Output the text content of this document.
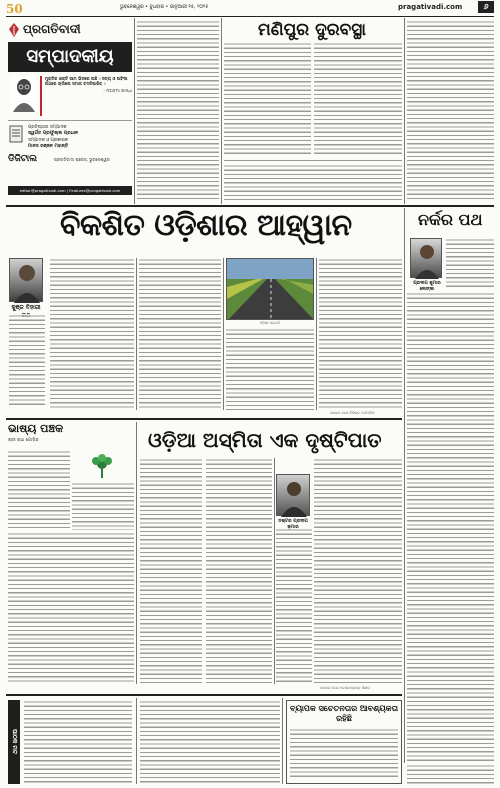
50	ଭୁବନେଶ୍ୱର • ବୁଧବାର • ଜାନୁଆରୀ ୧୫, ୨୦୨୫	pragativadi.com	୬
ପ୍ରଗତିବାଦୀ
ସମ୍ପାଦକୀୟ
ମୁକ୍ତିର ଶକ୍ତି ଆମ ଭିତରେ ଅଛି । ସତ୍ୟ ଓ ଅହିଂସା ପଥରେ ଚାଲିଲେ ସମାଜ ବଦଳିପାରିବ ।
- ମହାତ୍ମା ଗାନ୍ଧୀ
ପ୍ରତିଷ୍ଠାତା ସମ୍ପାଦକ
ସ୍ୱର୍ଗତ ପ୍ରଫୁଲ୍ଲ ପ୍ରଧାନ
ସମ୍ପାଦକ ଓ ପ୍ରକାଶକ
ମାନସ ରଞ୍ଜନ ମହାନ୍ତି
ଡିଜିଟାଲ	ପ୍ରଗତିବାଦୀ ପ୍ରେସ, ଭୁବନେଶ୍ୱର
editor@pragativadi.com | Features@pragativadi.com
ମଣିପୁର ଦୁରବସ୍ଥା
ବିକଶିତ ଓଡ଼ିଶାର ଆହ୍ୱାନ
କୁଞ୍ଜ ବିହାରୀ
ଓଡ଼ିଶା ପ୍ରଗତି
ଲେଖକ ଜଣେ ବିଶିଷ୍ଟ ଅର୍ଥନୀତିଜ୍ଞ
ନର୍କର ପଥ
ପ୍ରଦୀପ କୁମାର ଲେଙ୍କା
ଭାଷ୍ୟ ପଞ୍ଚକ
ଶ୍ରୀ ରାଧା ଗୋବିନ୍ଦ	ଓଡ଼ିଆ ଅସ୍ମିତା ଏକ ଦୃଷ୍ଟିପାତ
ଡକ୍ଟର ପ୍ରଦୀପ
ଲେଖକ ଜଣେ ଅବସରପ୍ରାପ୍ତ ଶିକ୍ଷକ
ପାଠକ ମତ
ବ୍ୟାପକ ସଚେତନତାର ଆବଶ୍ୟକତା ରହିଛି
